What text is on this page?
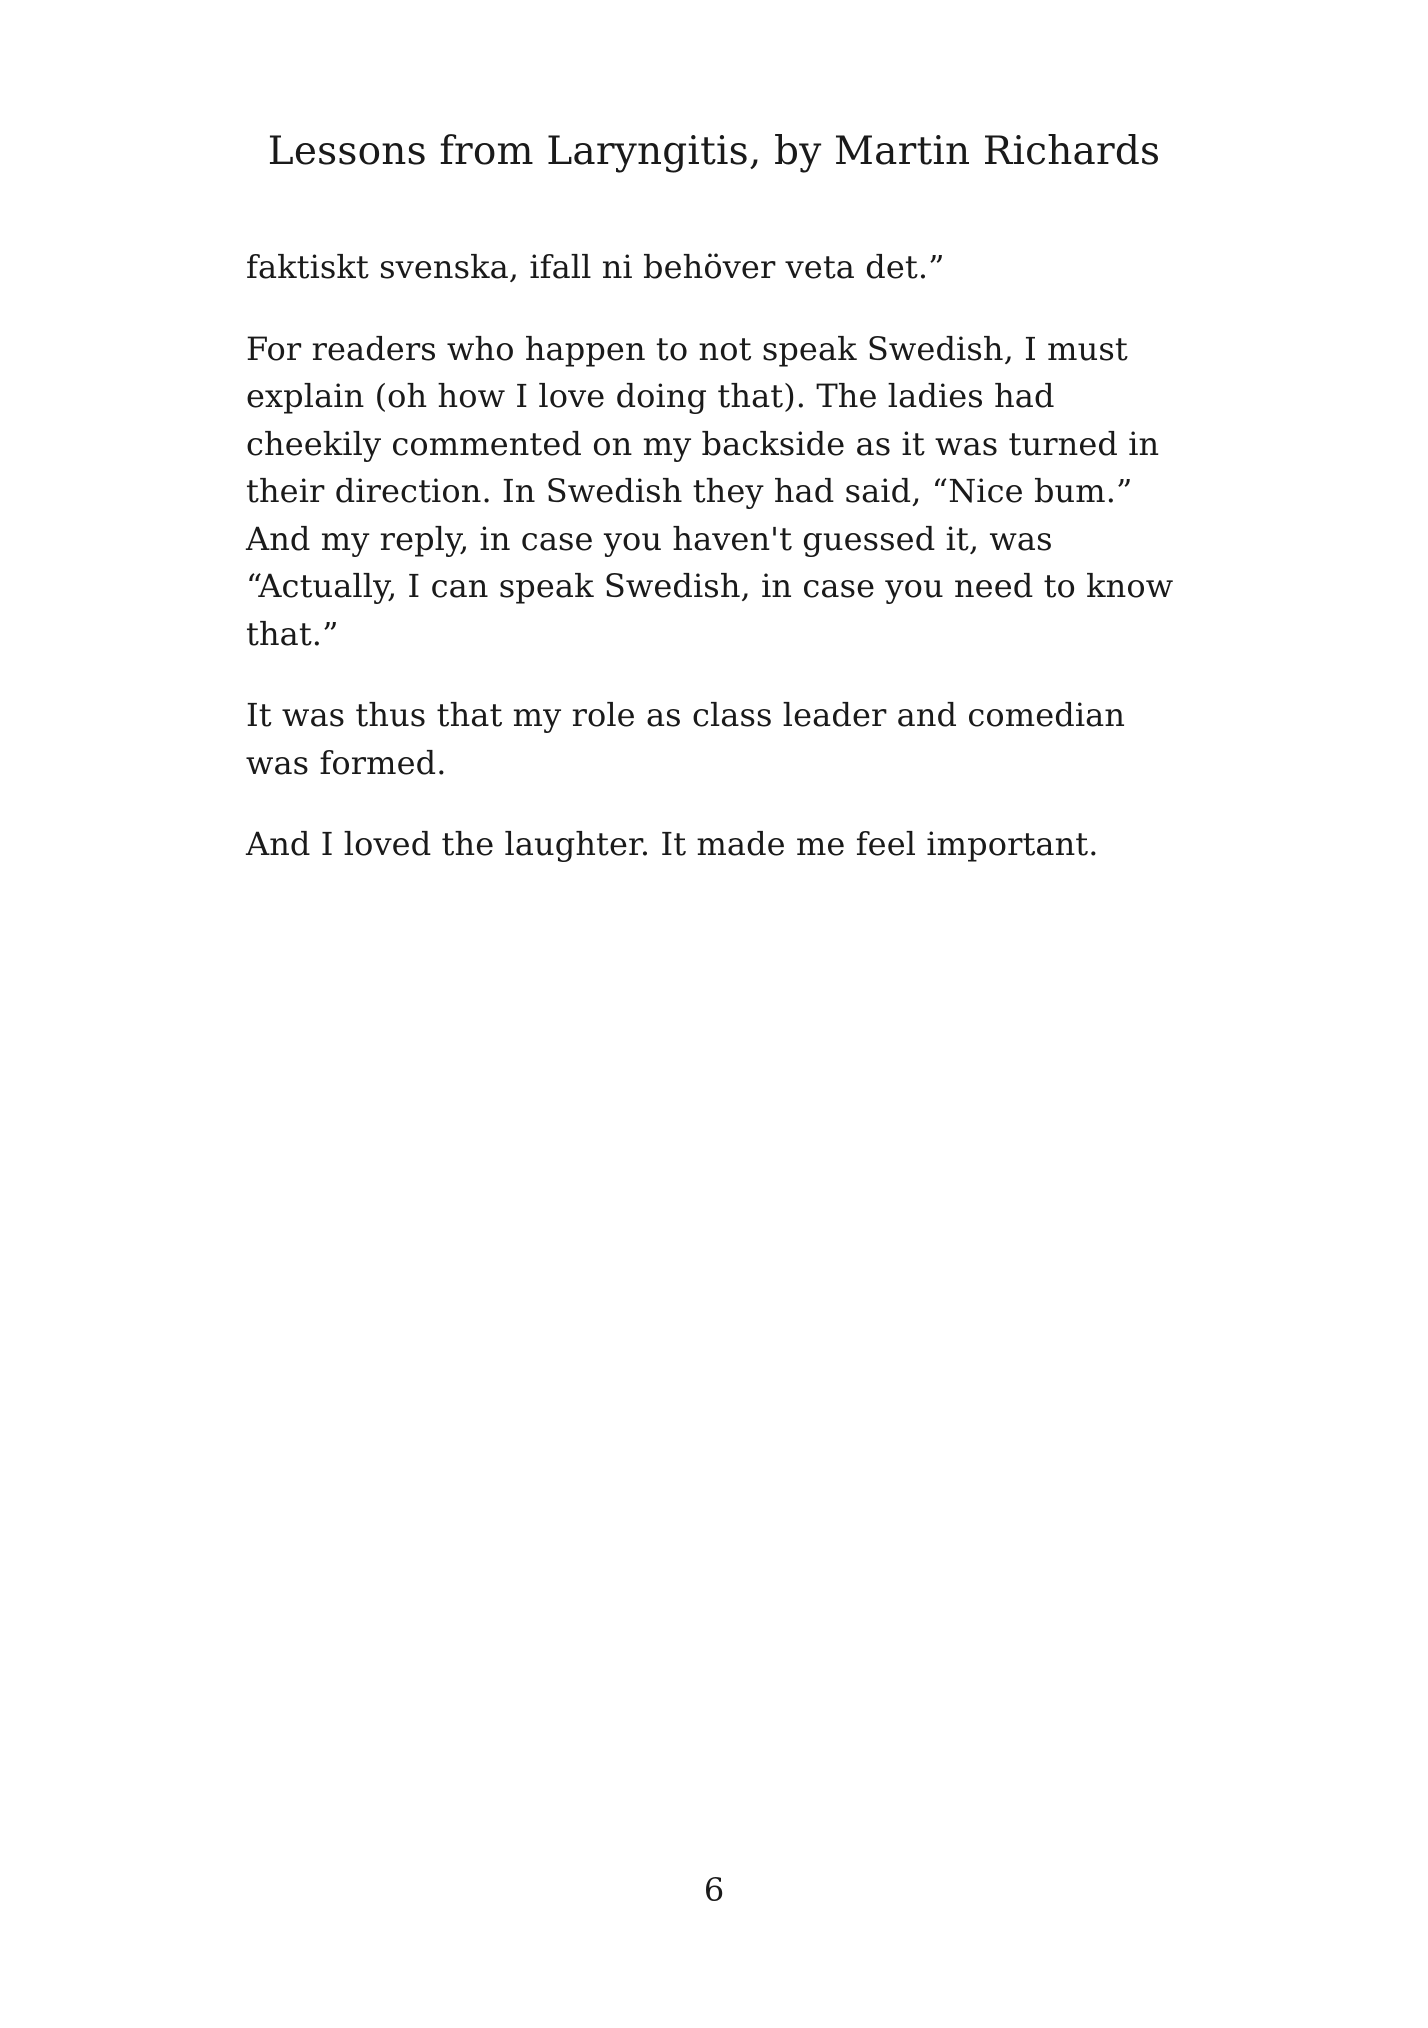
Lessons from Laryngitis, by Martin Richards

faktiskt svenska, ifall ni behöver veta det.”

For readers who happen to not speak Swedish, I must explain (oh how I love doing that). The ladies had cheekily commented on my backside as it was turned in their direction. In Swedish they had said, “Nice bum.” And my reply, in case you haven't guessed it, was “Actually, I can speak Swedish, in case you need to know that.”

It was thus that my role as class leader and comedian was formed.

And I loved the laughter. It made me feel important.

6
